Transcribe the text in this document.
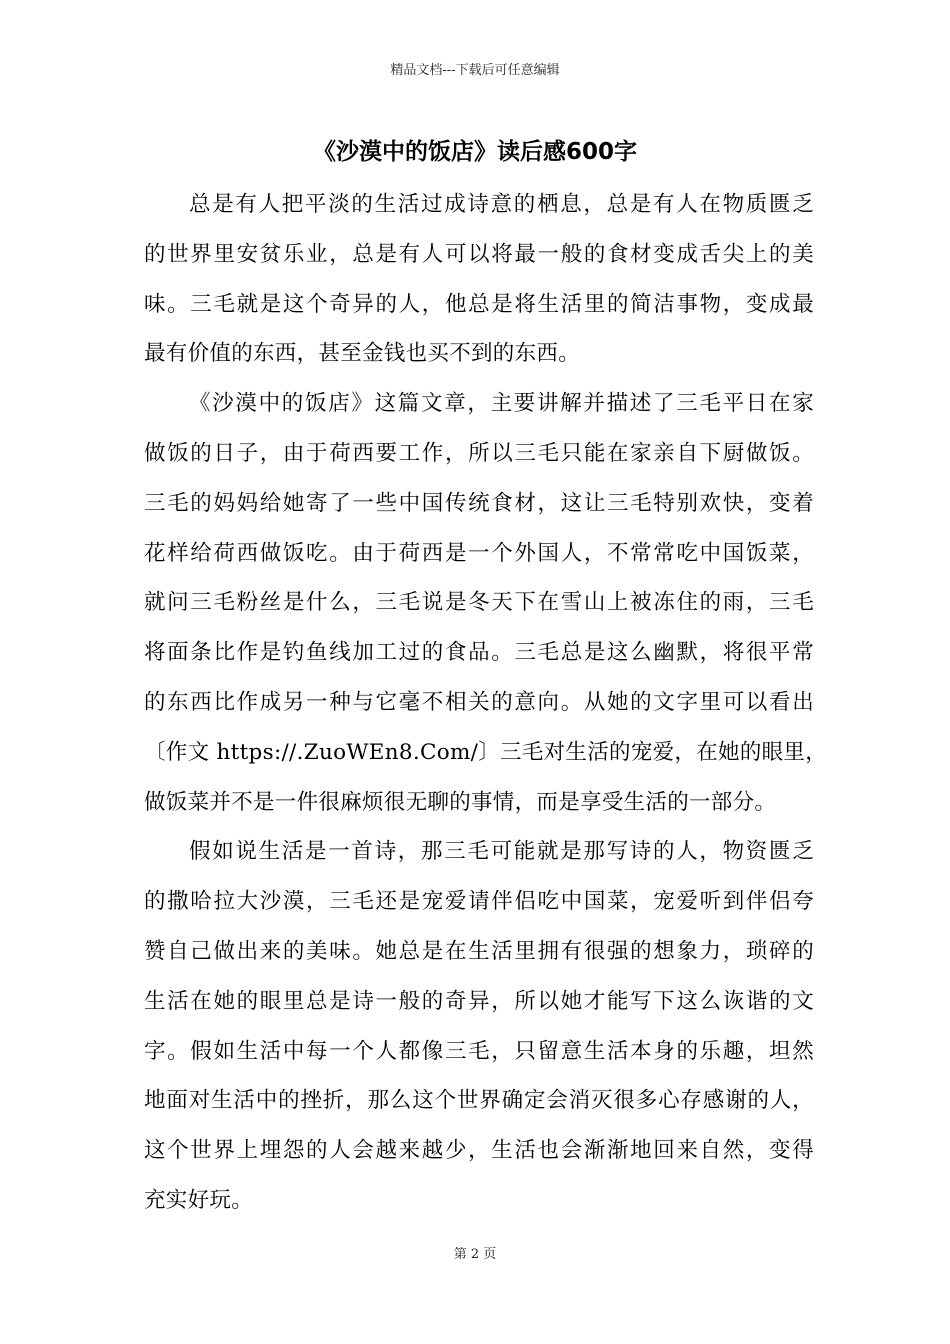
精品文档---下载后可任意编辑
《沙漠中的饭店》读后感600字
总是有人把平淡的生活过成诗意的栖息，总是有人在物质匮乏
的世界里安贫乐业，总是有人可以将最一般的食材变成舌尖上的美
味。三毛就是这个奇异的人，他总是将生活里的简洁事物，变成最
最有价值的东西，甚至金钱也买不到的东西。
《沙漠中的饭店》这篇文章，主要讲解并描述了三毛平日在家
做饭的日子，由于荷西要工作，所以三毛只能在家亲自下厨做饭。
三毛的妈妈给她寄了一些中国传统食材，这让三毛特别欢快，变着
花样给荷西做饭吃。由于荷西是一个外国人，不常常吃中国饭菜，
就问三毛粉丝是什么，三毛说是冬天下在雪山上被冻住的雨，三毛
将面条比作是钓鱼线加工过的食品。三毛总是这么幽默，将很平常
的东西比作成另一种与它毫不相关的意向。从她的文字里可以看出
〔作文 https://.ZuoWEn8.Com/〕三毛对生活的宠爱，在她的眼里，
做饭菜并不是一件很麻烦很无聊的事情，而是享受生活的一部分。
假如说生活是一首诗，那三毛可能就是那写诗的人，物资匮乏
的撒哈拉大沙漠，三毛还是宠爱请伴侣吃中国菜，宠爱听到伴侣夸
赞自己做出来的美味。她总是在生活里拥有很强的想象力，琐碎的
生活在她的眼里总是诗一般的奇异，所以她才能写下这么诙谐的文
字。假如生活中每一个人都像三毛，只留意生活本身的乐趣，坦然
地面对生活中的挫折，那么这个世界确定会消灭很多心存感谢的人，
这个世界上埋怨的人会越来越少，生活也会渐渐地回来自然，变得
充实好玩。
第 2 页
